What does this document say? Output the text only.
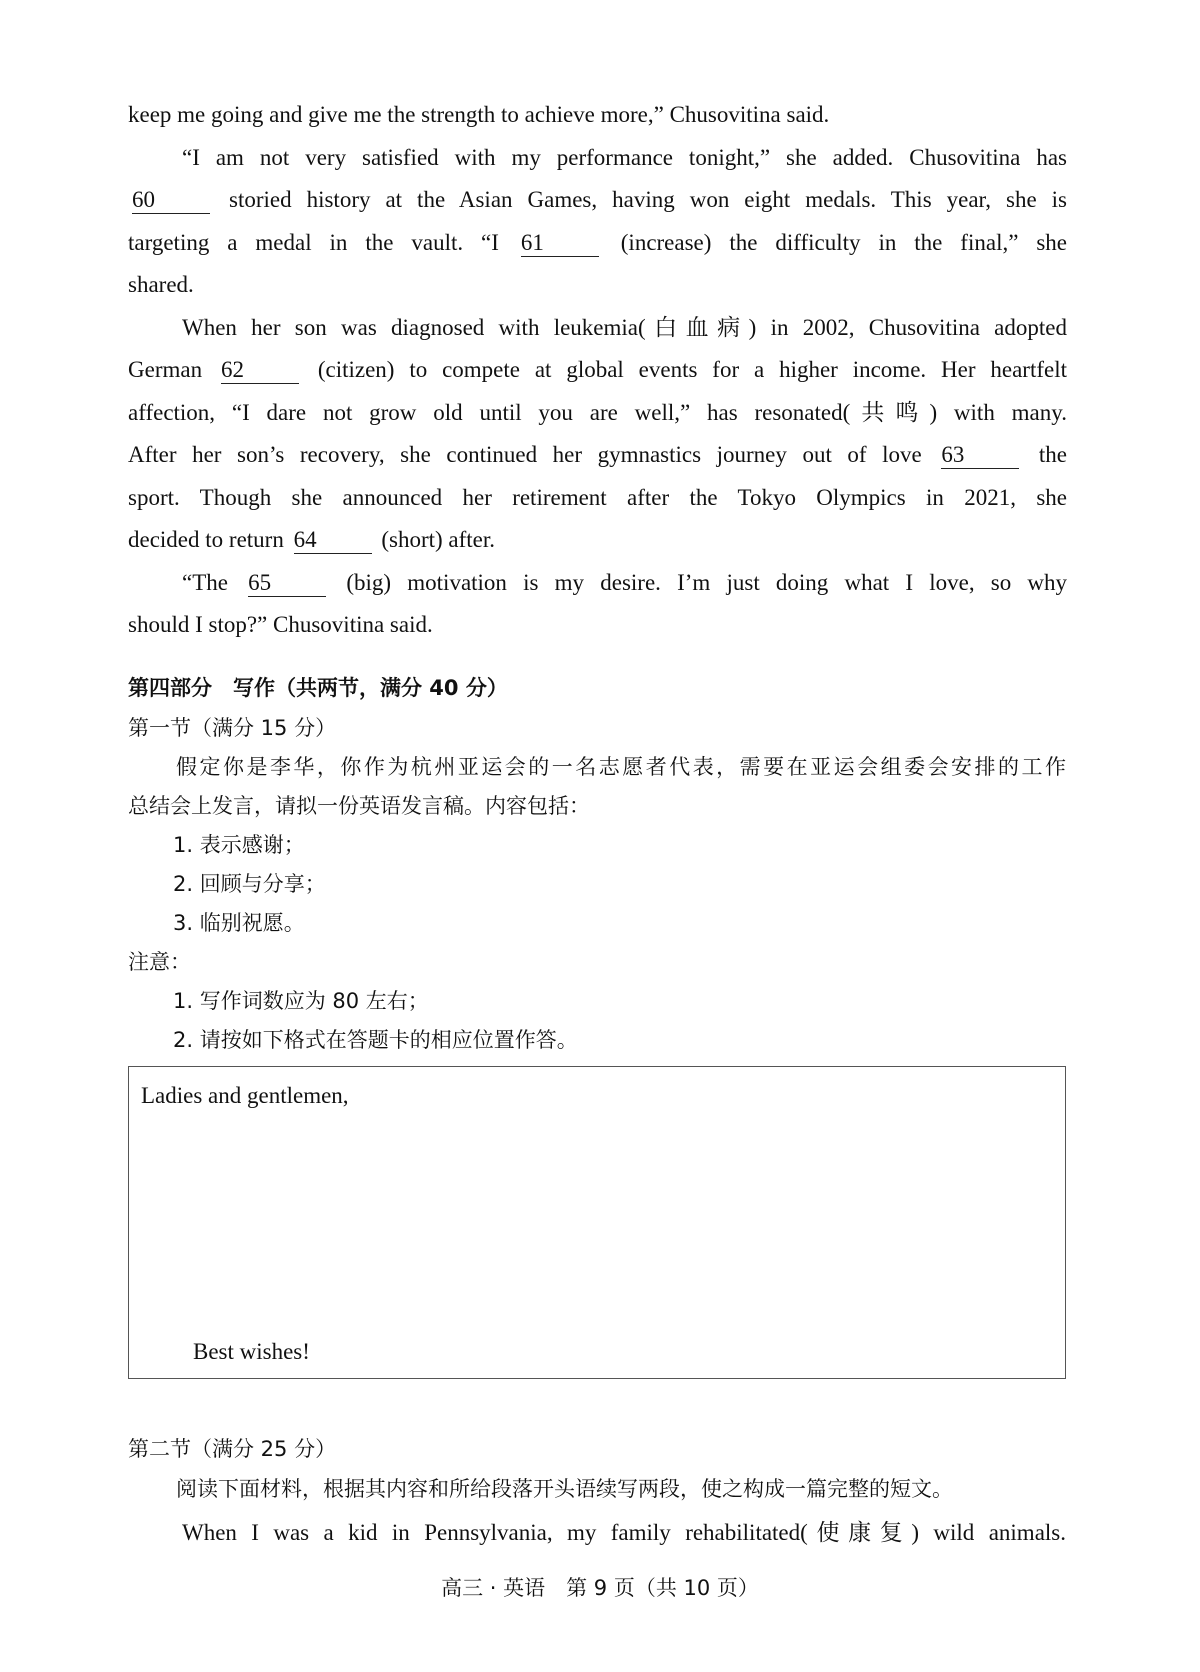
keep me going and give me the strength to achieve more,” Chusovitina said.
“I am not very satisfied with my performance tonight,” she added. Chusovitina has
60	storied history at the Asian Games, having won eight medals. This year, she is
targeting a medal in the vault. “I 61	(increase) the difficulty in the final,” she
shared.
When her son was diagnosed with leukemia(白血病) in 2002, Chusovitina adopted
German 62	(citizen) to compete at global events for a higher income. Her heartfelt
affection, “I dare not grow old until you are well,” has resonated(共鸣) with many.
After her son’s recovery, she continued her gymnastics journey out of love 63	the
sport. Though she announced her retirement after the Tokyo Olympics in 2021, she
decided to return 64	(short) after.
“The 65	(big) motivation is my desire. I’m just doing what I love, so why
should I stop?” Chusovitina said.
第四部分　写作（共两节，满分 40 分）
第一节（满分 15 分）
假定你是李华，你作为杭州亚运会的一名志愿者代表，需要在亚运会组委会安排的工作
总结会上发言，请拟一份英语发言稿。内容包括：
1. 表示感谢；
2. 回顾与分享；
3. 临别祝愿。
注意：
1. 写作词数应为 80 左右；
2. 请按如下格式在答题卡的相应位置作答。
Ladies and gentlemen,
Best wishes!
第二节（满分 25 分）
阅读下面材料，根据其内容和所给段落开头语续写两段，使之构成一篇完整的短文。
When I was a kid in Pennsylvania, my family rehabilitated(使康复) wild animals.
高三 · 英语　第 9 页（共 10 页）
